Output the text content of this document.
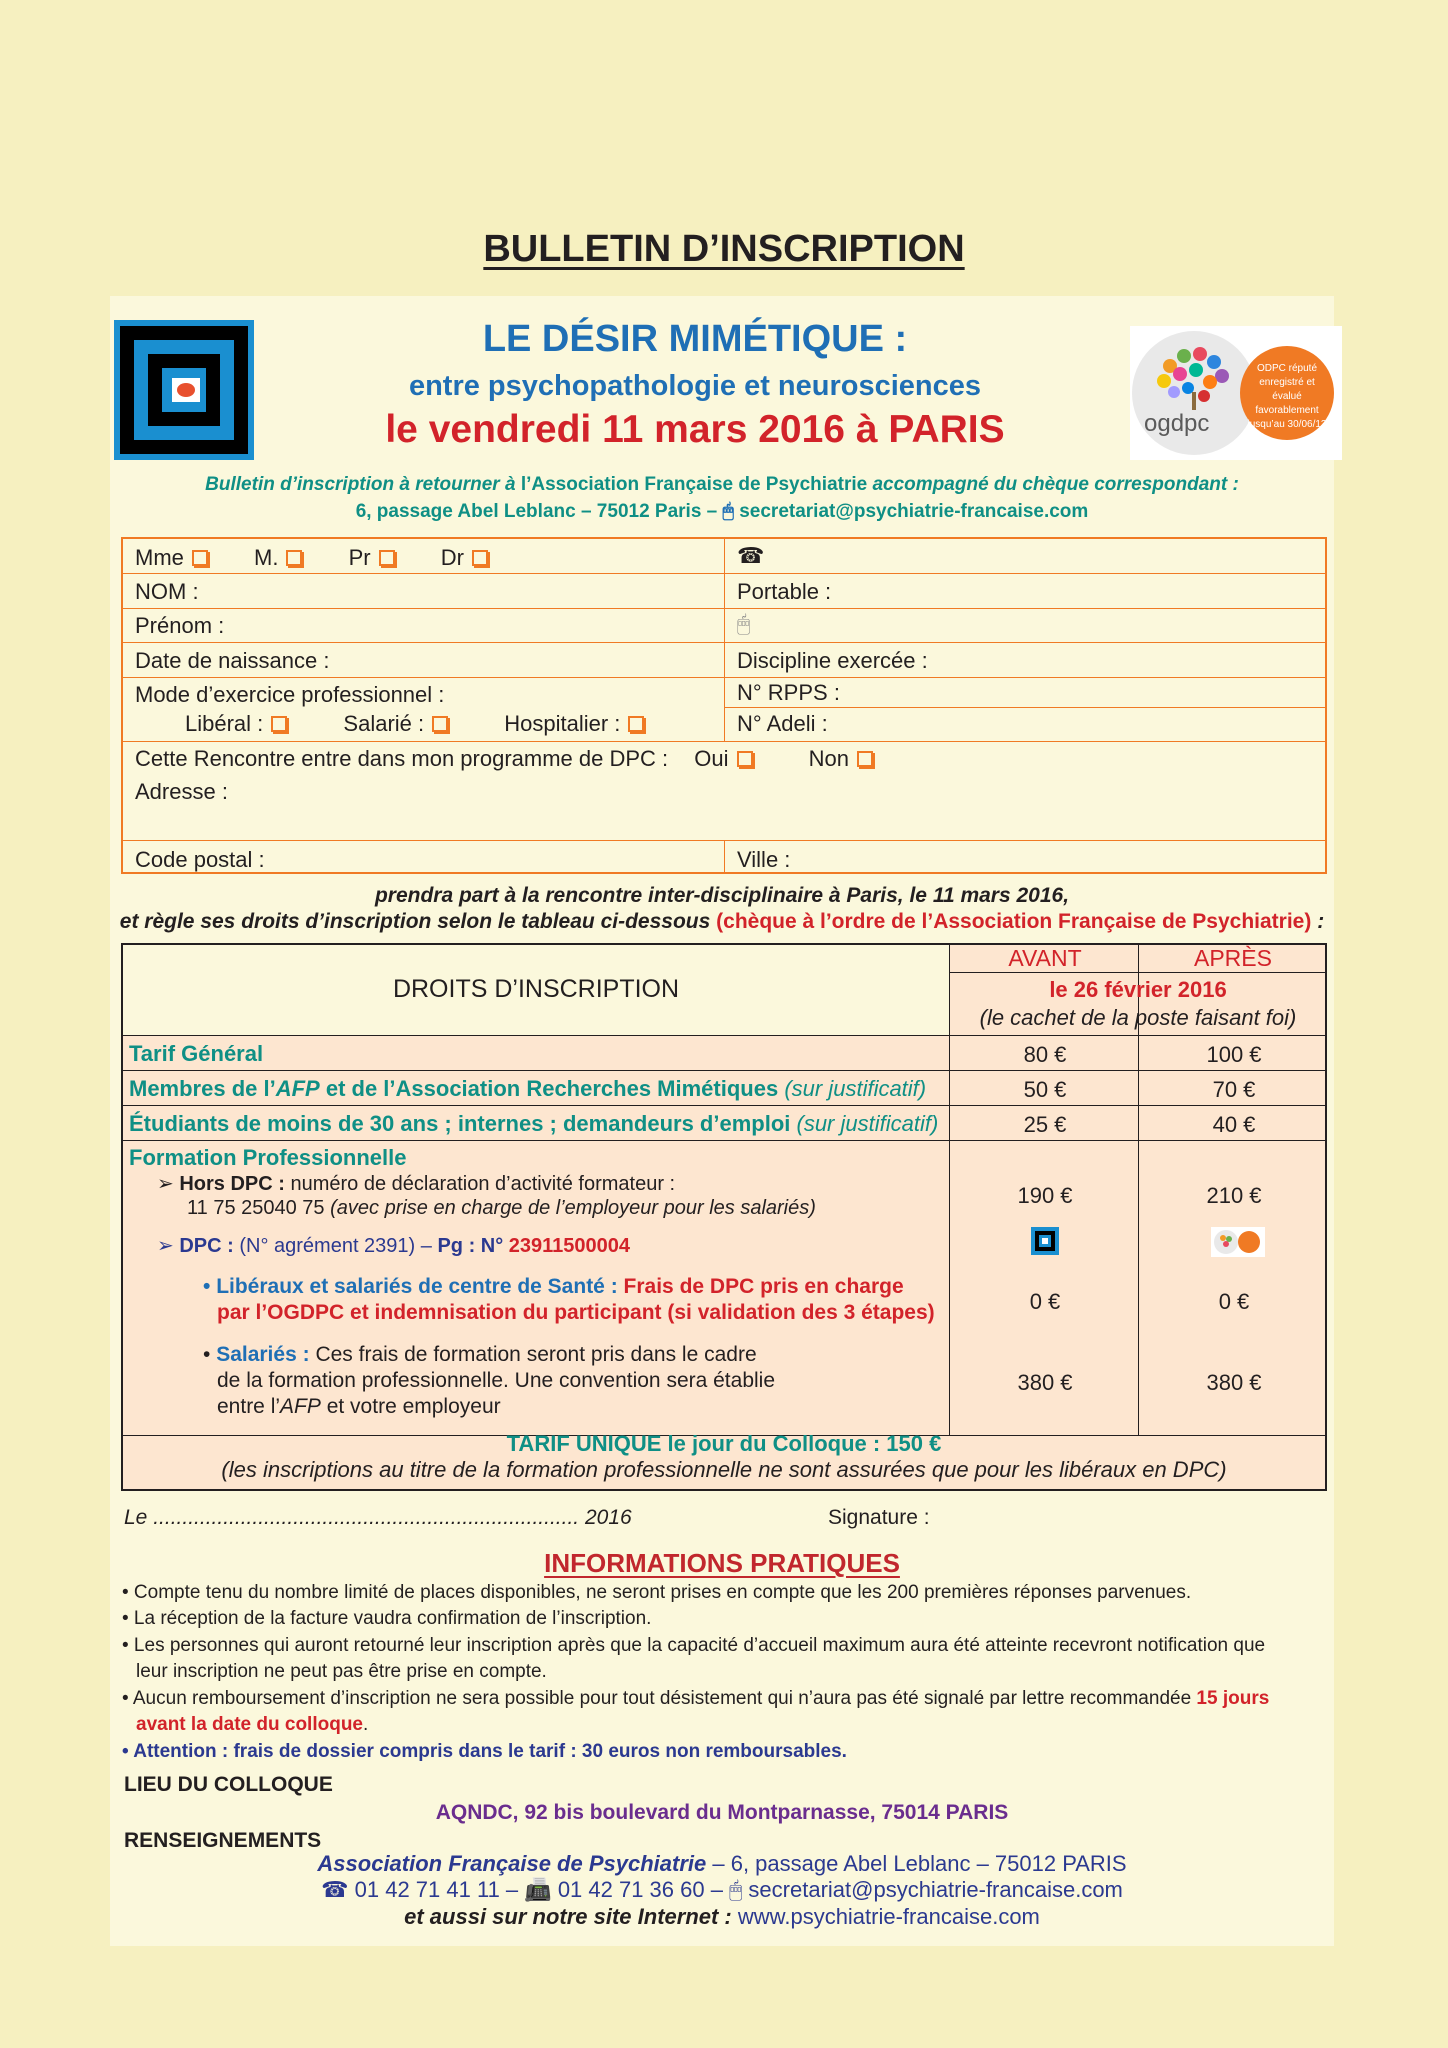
BULLETIN D’INSCRIPTION
ogdpc
ODPC réputé enregistré et évalué favorablement jusqu’au 30/06/13
LE DÉSIR MIMÉTIQUE :
entre psychopathologie et neurosciences
le vendredi 11 mars 2016 à PARIS
Bulletin d’inscription à retourner à l’Association Française de Psychiatrie accompagné du chèque correspondant :
6, passage Abel Leblanc – 75012 Paris – 🖱 secretariat@psychiatrie-francaise.com
Mme	M.	Pr	Dr	☎
NOM :	Portable :
Prénom :	🖱
Date de naissance :	Discipline exercée :
Mode d’exercice professionnel :	N° RPPS :
Libéral :	Salarié :	Hospitalier :	N° Adeli :
Cette Rencontre entre dans mon programme de DPC : Oui	Non
Adresse :
Code postal :	Ville :
prendra part à la rencontre inter-disciplinaire à Paris, le 11 mars 2016,
et règle ses droits d’inscription selon le tableau ci-dessous (chèque à l’ordre de l’Association Française de Psychiatrie) :
DROITS D’INSCRIPTION
AVANT	APRÈS
le 26 février 2016
(le cachet de la poste faisant foi)
Tarif Général	80 €	100 €
Membres de l’AFP et de l’Association Recherches Mimétiques (sur justificatif)	50 €	70 €
Étudiants de moins de 30 ans ; internes ; demandeurs d’emploi (sur justificatif)	25 €	40 €
Formation Professionnelle
➢ Hors DPC : numéro de déclaration d’activité formateur :
11 75 25040 75 (avec prise en charge de l’employeur pour les salariés)	190 €	210 €
➢ DPC : (N° agrément 2391) – Pg : N° 23911500004
• Libéraux et salariés de centre de Santé : Frais de DPC pris en charge
par l’OGDPC et indemnisation du participant (si validation des 3 étapes)	0 €	0 €
• Salariés : Ces frais de formation seront pris dans le cadre
de la formation professionnelle. Une convention sera établie
entre l’AFP et votre employeur
380 €	380 €
TARIF UNIQUE le jour du Colloque : 150 €
(les inscriptions au titre de la formation professionnelle ne sont assurées que pour les libéraux en DPC)
Le ......................................................................... 2016	Signature :
INFORMATIONS PRATIQUES
• Compte tenu du nombre limité de places disponibles, ne seront prises en compte que les 200 premières réponses parvenues.
• La réception de la facture vaudra confirmation de l’inscription.
• Les personnes qui auront retourné leur inscription après que la capacité d’accueil maximum aura été atteinte recevront notification que
leur inscription ne peut pas être prise en compte.
• Aucun remboursement d’inscription ne sera possible pour tout désistement qui n’aura pas été signalé par lettre recommandée 15 jours
avant la date du colloque.
• Attention : frais de dossier compris dans le tarif : 30 euros non remboursables.
LIEU DU COLLOQUE
AQNDC, 92 bis boulevard du Montparnasse, 75014 PARIS
RENSEIGNEMENTS
Association Française de Psychiatrie – 6, passage Abel Leblanc – 75012 PARIS
☎ 01 42 71 41 11 – 📠 01 42 71 36 60 – 🖱 secretariat@psychiatrie-francaise.com
et aussi sur notre site Internet : www.psychiatrie-francaise.com
